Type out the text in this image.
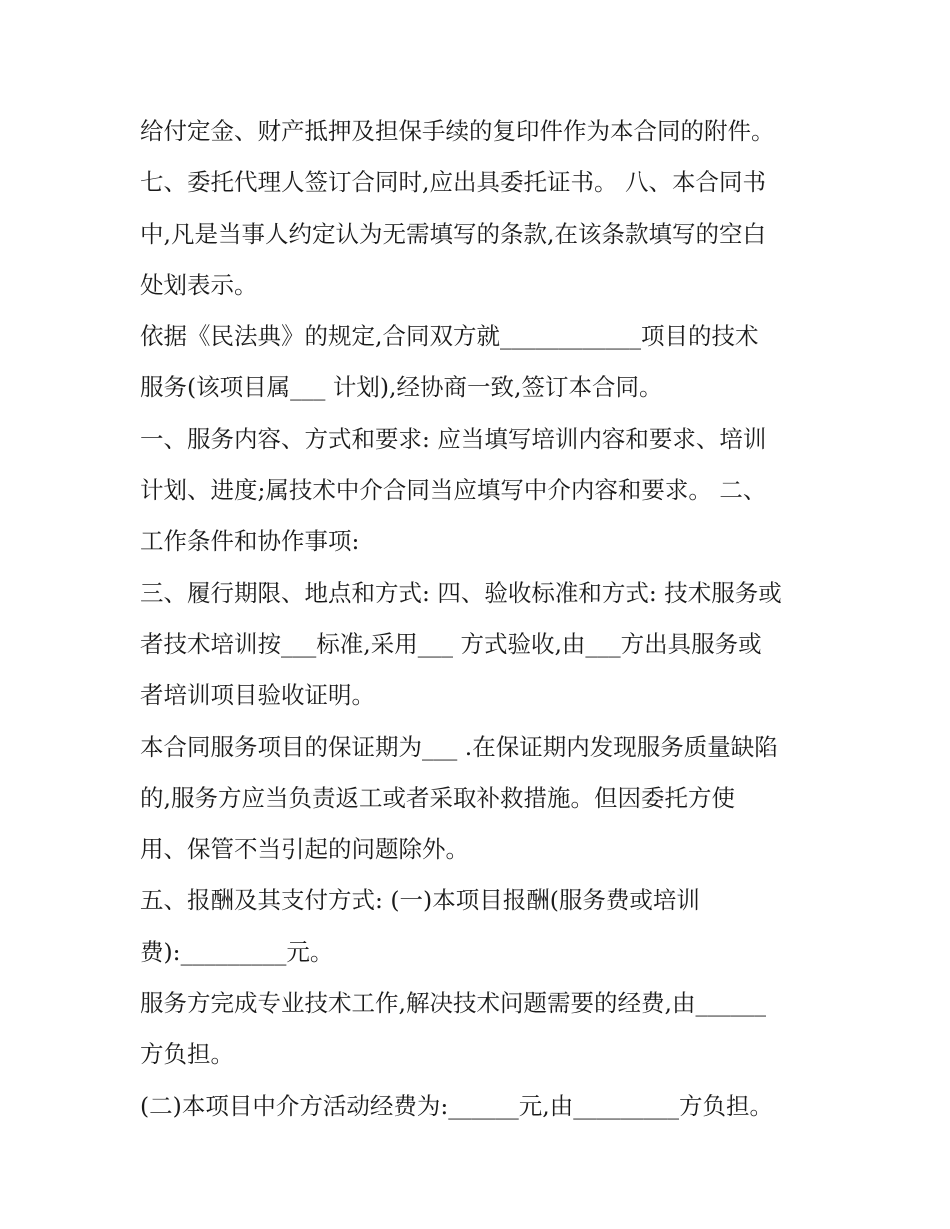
给付定金、财产抵押及担保手续的复印件作为本合同的附件。
七、委托代理人签订合同时,应出具委托证书。 八、本合同书
中,凡是当事人约定认为无需填写的条款,在该条款填写的空白
处划表示。
依据《民法典》的规定,合同双方就____________项目的技术
服务(该项目属___ 计划),经协商一致,签订本合同。
一、服务内容、方式和要求: 应当填写培训内容和要求、培训
计划、进度;属技术中介合同当应填写中介内容和要求。 二、
工作条件和协作事项:
三、履行期限、地点和方式: 四、验收标准和方式: 技术服务或
者技术培训按___标准,采用___ 方式验收,由___方出具服务或
者培训项目验收证明。
本合同服务项目的保证期为___ .在保证期内发现服务质量缺陷
的,服务方应当负责返工或者采取补救措施。但因委托方使
用、保管不当引起的问题除外。
五、报酬及其支付方式: (一)本项目报酬(服务费或培训
费):_________元。
服务方完成专业技术工作,解决技术问题需要的经费,由______
方负担。
(二)本项目中介方活动经费为:______元,由_________方负担。
